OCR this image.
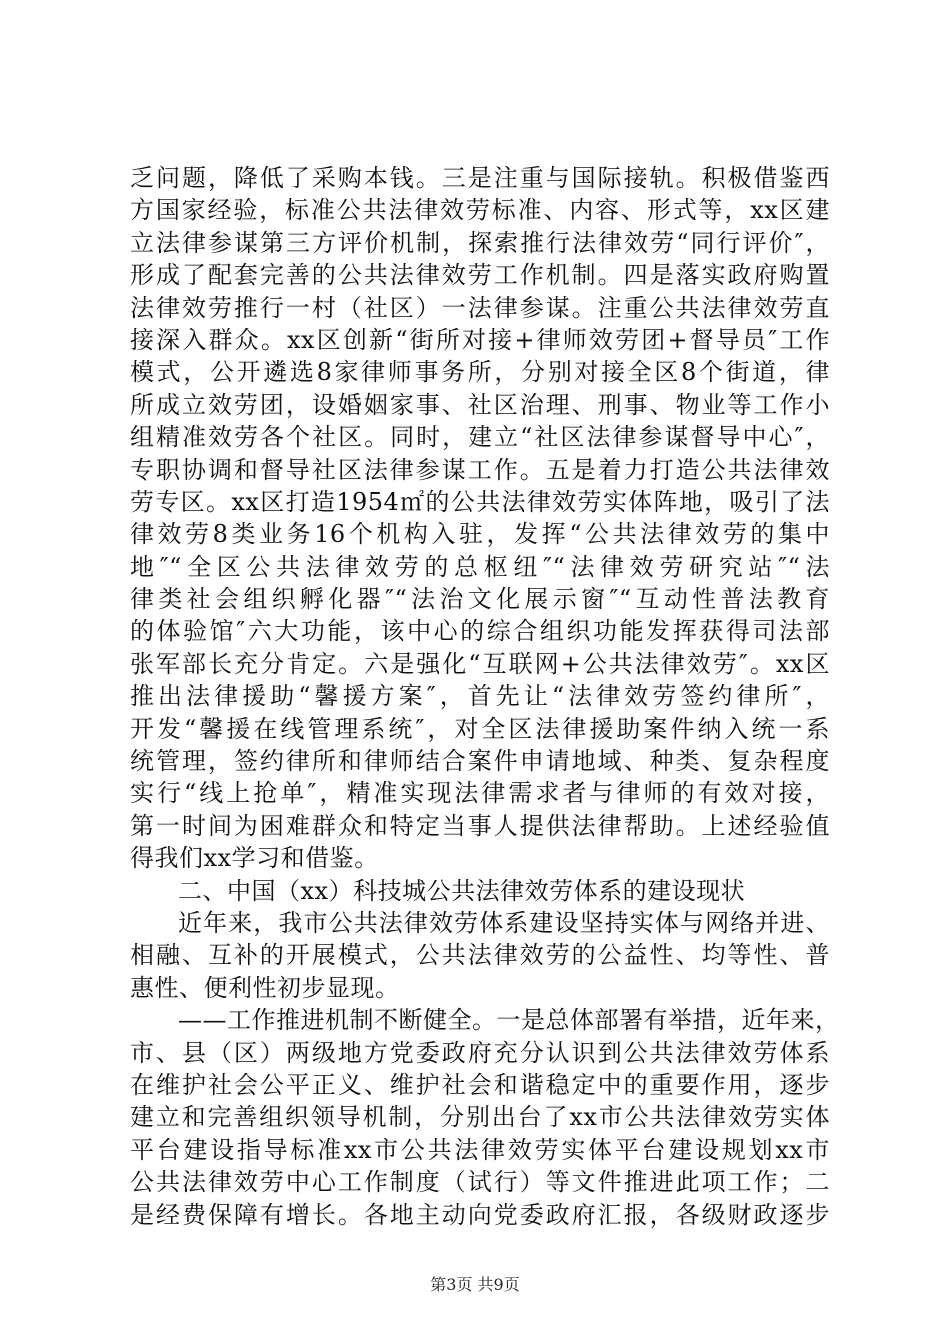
乏问题，降低了采购本钱。三是注重与国际接轨。积极借鉴西
方国家经验，标准公共法律效劳标准、内容、形式等，xx区建
立法律参谋第三方评价机制，探索推行法律效劳“同行评价″，
形成了配套完善的公共法律效劳工作机制。四是落实政府购置
法律效劳推行一村（社区）一法律参谋。注重公共法律效劳直
接深入群众。xx区创新“街所对接+律师效劳团+督导员″工作
模式，公开遴选8家律师事务所，分别对接全区8个街道，律
所成立效劳团，设婚姻家事、社区治理、刑事、物业等工作小
组精准效劳各个社区。同时，建立“社区法律参谋督导中心″，
专职协调和督导社区法律参谋工作。五是着力打造公共法律效
劳专区。xx区打造1954㎡的公共法律效劳实体阵地，吸引了法
律效劳8类业务16个机构入驻，发挥“公共法律效劳的集中
地″“全区公共法律效劳的总枢纽″“法律效劳研究站″“法
律类社会组织孵化器″“法治文化展示窗″“互动性普法教育
的体验馆″六大功能，该中心的综合组织功能发挥获得司法部
张军部长充分肯定。六是强化“互联网+公共法律效劳″。xx区
推出法律援助“馨援方案″，首先让“法律效劳签约律所″，
开发“馨援在线管理系统″，对全区法律援助案件纳入统一系
统管理，签约律所和律师结合案件申请地域、种类、复杂程度
实行“线上抢单″，精准实现法律需求者与律师的有效对接，
第一时间为困难群众和特定当事人提供法律帮助。上述经验值
得我们xx学习和借鉴。
二、中国（xx）科技城公共法律效劳体系的建设现状
近年来，我市公共法律效劳体系建设坚持实体与网络并进、
相融、互补的开展模式，公共法律效劳的公益性、均等性、普
惠性、便利性初步显现。
——工作推进机制不断健全。一是总体部署有举措，近年来，
市、县（区）两级地方党委政府充分认识到公共法律效劳体系
在维护社会公平正义、维护社会和谐稳定中的重要作用，逐步
建立和完善组织领导机制，分别出台了xx市公共法律效劳实体
平台建设指导标准xx市公共法律效劳实体平台建设规划xx市
公共法律效劳中心工作制度（试行）等文件推进此项工作；二
是经费保障有增长。各地主动向党委政府汇报，各级财政逐步
第3页 共9页
